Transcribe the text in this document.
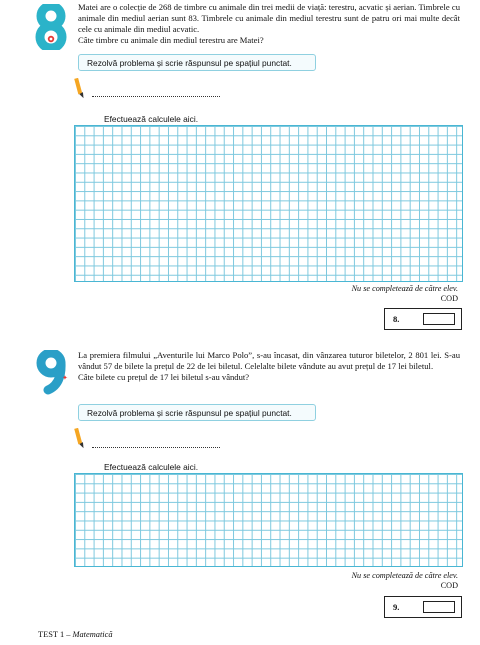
Matei are o colecție de 268 de timbre cu animale din trei medii de viață: terestru, acvatic și aerian. Timbrele cu animale din mediul aerian sunt 83. Timbrele cu animale din mediul terestru sunt de patru ori mai multe decât cele cu animale din mediul acvatic.

Câte timbre cu animale din mediul terestru are Matei?

Rezolvă problema și scrie răspunsul pe spațiul punctat.
Efectuează calculele aici.
Nu se completează de către elev.
COD
8.
✦

La premiera filmului „Aventurile lui Marco Polo”, s-au încasat, din vânzarea tuturor biletelor, 2 801 lei. S-au vândut 57 de bilete la prețul de 22 de lei biletul. Celelalte bilete vândute au avut prețul de 17 lei biletul.

Câte bilete cu prețul de 17 lei biletul s-au vândut?

Rezolvă problema și scrie răspunsul pe spațiul punctat.
Efectuează calculele aici.
Nu se completează de către elev.
COD
9.
TEST 1 – Matematică
